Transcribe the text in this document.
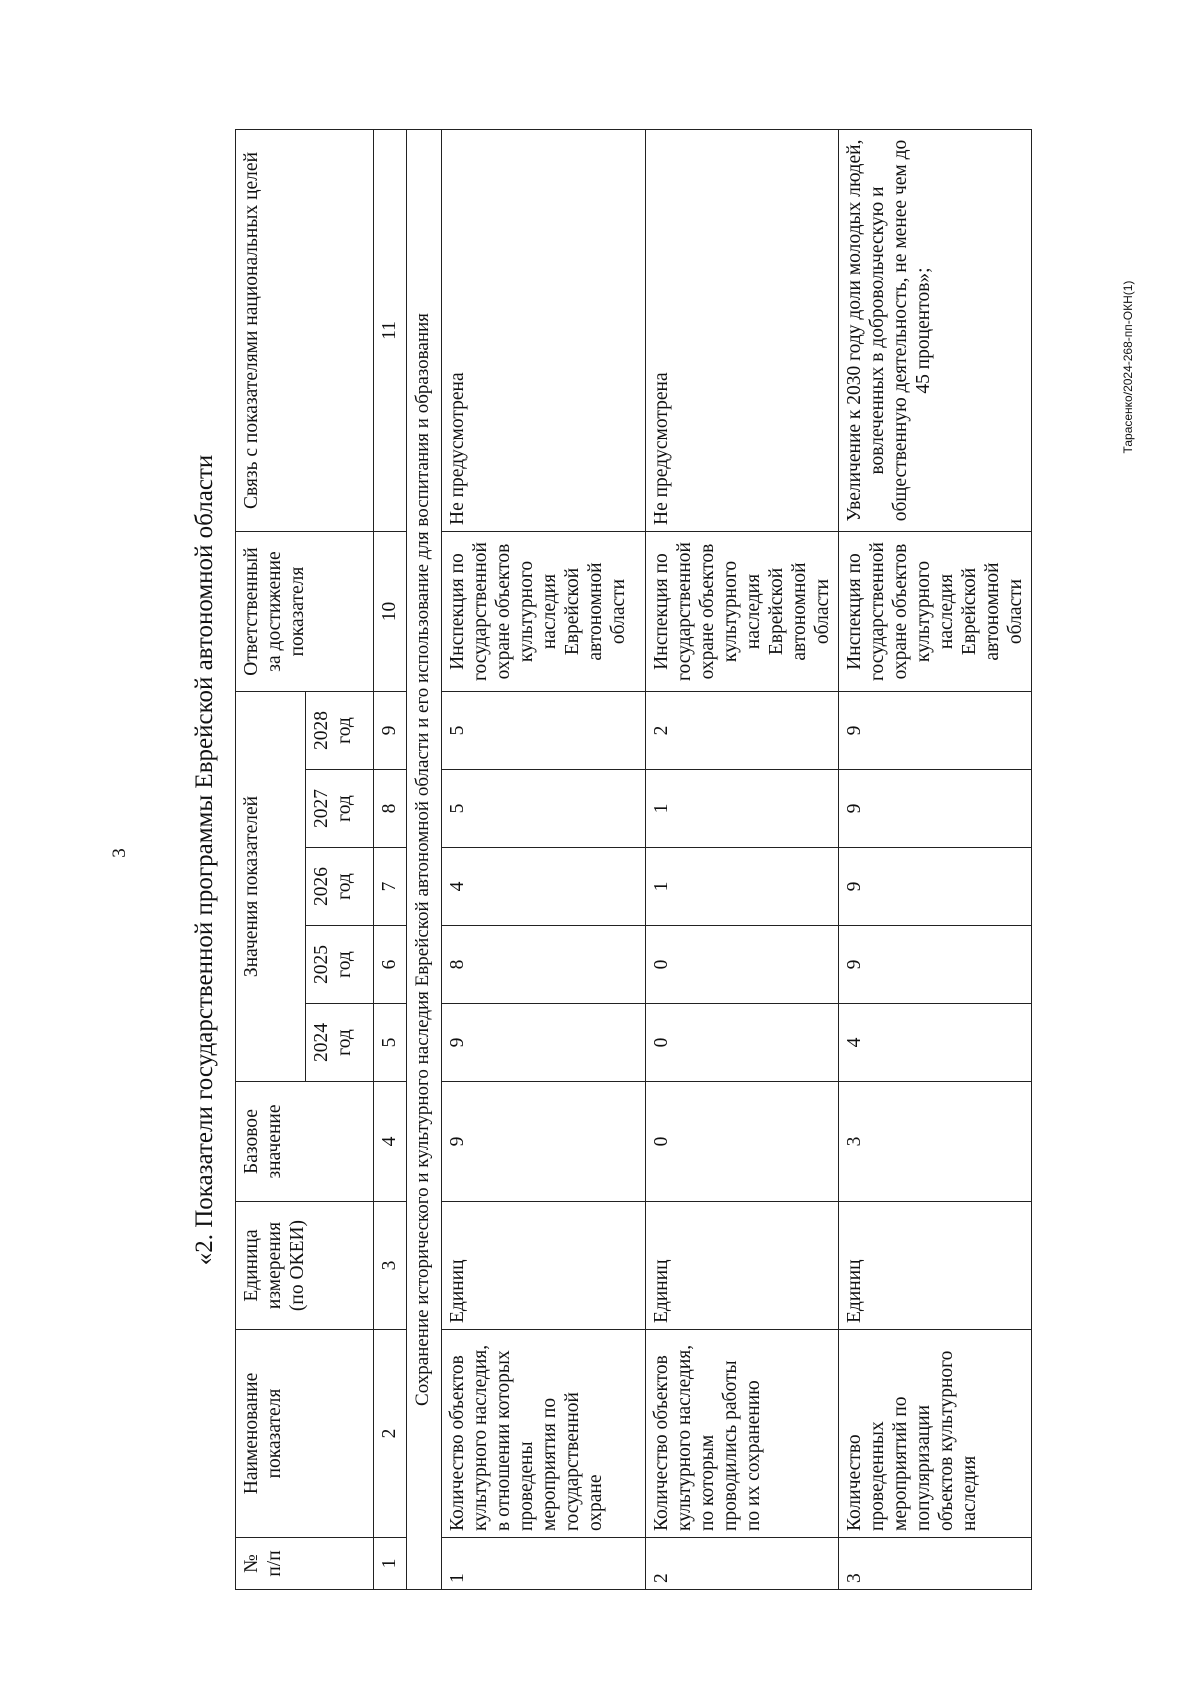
3
Тарасенко/2024-268-пп-ОКН(1)
«2. Показатели государственной программы Еврейской автономной области
№ п/п	Наименование показателя	Единица измерения (по ОКЕИ)	Базовое значение	Значения показателей					Ответственный за достижение показателя	Связь с показателями национальных целей
				2024 год	2025 год	2026 год	2027 год	2028 год		
1	2	3	4	5	6	7	8	9	10	11
Сохранение исторического и культурного наследия Еврейской автономной области и его использование для воспитания и образования										
1	Количество объектов культурного наследия, в отношении которых проведены мероприятия по государственной охране	Единиц	9	9	8	4	5	5	Инспекция по государственной охране объектов культурного наследия Еврейской автономной области	Не предусмотрена
2	Количество объектов культурного наследия, по которым проводились работы по их сохранению	Единиц	0	0	0	1	1	2	Инспекция по государственной охране объектов культурного наследия Еврейской автономной области	Не предусмотрена
3	Количество проведенных мероприятий по популяризации объектов культурного наследия	Единиц	3	4	9	9	9	9	Инспекция по государственной охране объектов культурного наследия Еврейской автономной области	Увеличение к 2030 году доли молодых людей, вовлеченных в добровольческую и общественную деятельность, не менее чем до 45 процентов»;
